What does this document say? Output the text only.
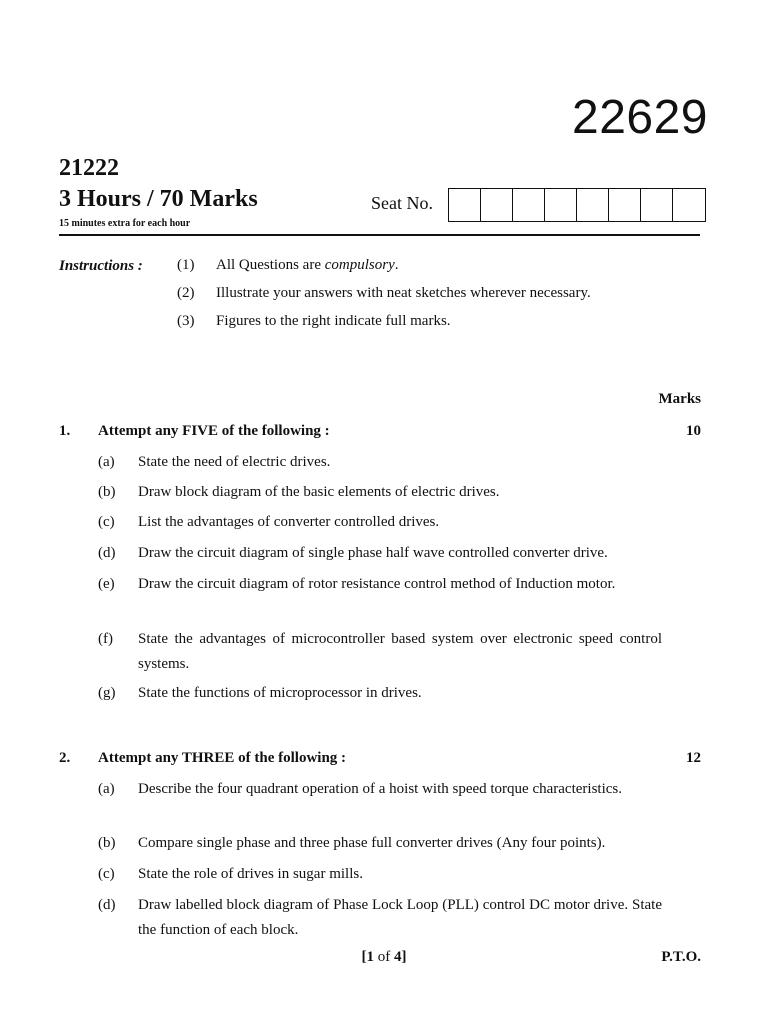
22629
21222
3 Hours / 70 Marks
15 minutes extra for each hour
Seat No.
Instructions : (1)	All Questions are compulsory.
(2)	Illustrate your answers with neat sketches wherever necessary.
(3)	Figures to the right indicate full marks.
Marks
1. Attempt any FIVE of the following :	10
(a)	State the need of electric drives.
(b)	Draw block diagram of the basic elements of electric drives.
(c)	List the advantages of converter controlled drives.
(d)	Draw the circuit diagram of single phase half wave controlled converter drive.
(e)	Draw the circuit diagram of rotor resistance control method of Induction motor.
(f)	State the advantages of microcontroller based system over electronic speed control systems.
(g)	State the functions of microprocessor in drives.
2. Attempt any THREE of the following :	12
(a)	Describe the four quadrant operation of a hoist with speed torque characteristics.
(b)	Compare single phase and three phase full converter drives (Any four points).
(c)	State the role of drives in sugar mills.
(d)	Draw labelled block diagram of Phase Lock Loop (PLL) control DC motor drive. State the function of each block.
[1 of 4]	P.T.O.
